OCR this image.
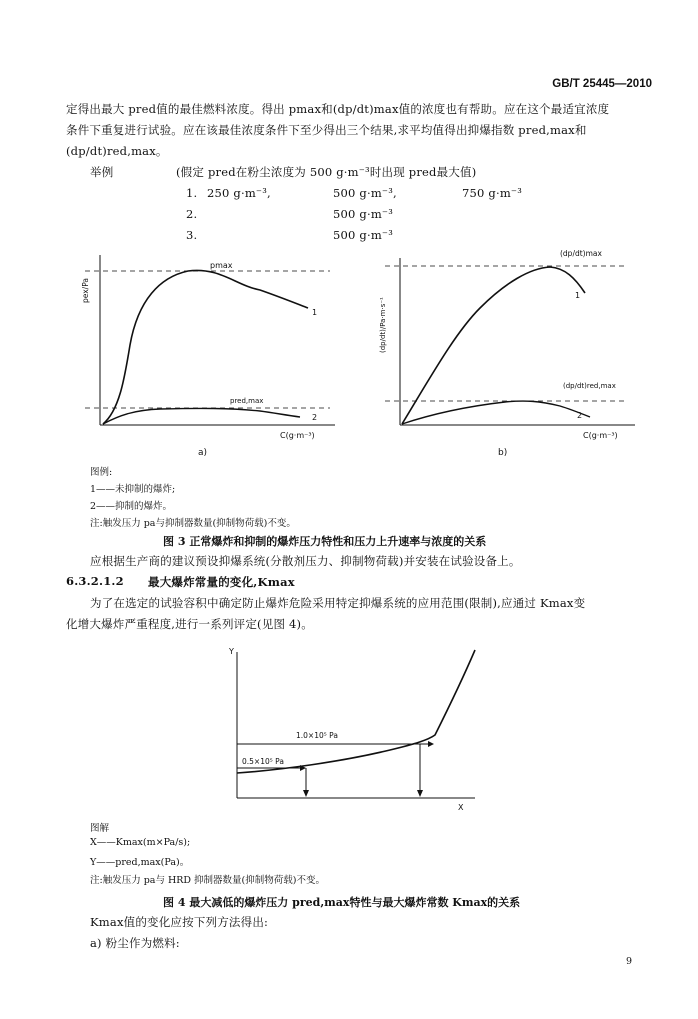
GB/T 25445—2010
定得出最大 pred值的最佳燃料浓度。得出 pmax和(dp/dt)max值的浓度也有帮助。应在这个最适宜浓度
条件下重复进行试验。应在该最佳浓度条件下至少得出三个结果,求平均值得出抑爆指数 pred,max和
(dp/dt)red,max。
举例	(假定 pred在粉尘浓度为 500 g·m⁻³时出现 pred最大值)
1. 250 g·m⁻³,	500 g·m⁻³,	750 g·m⁻³
2.	500 g·m⁻³
3.	500 g·m⁻³
pmax
pred,max
1
2
C(g·m⁻³)
pex/Pa
a)
(dp/dt)max
(dp/dt)red,max
1
2
C(g·m⁻³)
(dp/dt)/Pa·m·s⁻¹
b)
图例:
1——未抑制的爆炸;
2——抑制的爆炸。
注:触发压力 pa与抑制器数量(抑制物荷载)不变。
图 3 正常爆炸和抑制的爆炸压力特性和压力上升速率与浓度的关系
应根据生产商的建议预设抑爆系统(分散剂压力、抑制物荷载)并安装在试验设备上。
6.3.2.1.2 最大爆炸常量的变化,Kmax
为了在选定的试验容积中确定防止爆炸危险采用特定抑爆系统的应用范围(限制),应通过 Kmax变
化增大爆炸严重程度,进行一系列评定(见图 4)。
Y
X
1.0×10⁵ Pa
0.5×10⁵ Pa
图解
X——Kmax(m×Pa/s);
Y——pred,max(Pa)。
注:触发压力 pa与 HRD 抑制器数量(抑制物荷载)不变。
图 4 最大减低的爆炸压力 pred,max特性与最大爆炸常数 Kmax的关系
Kmax值的变化应按下列方法得出:
a) 粉尘作为燃料:
9
